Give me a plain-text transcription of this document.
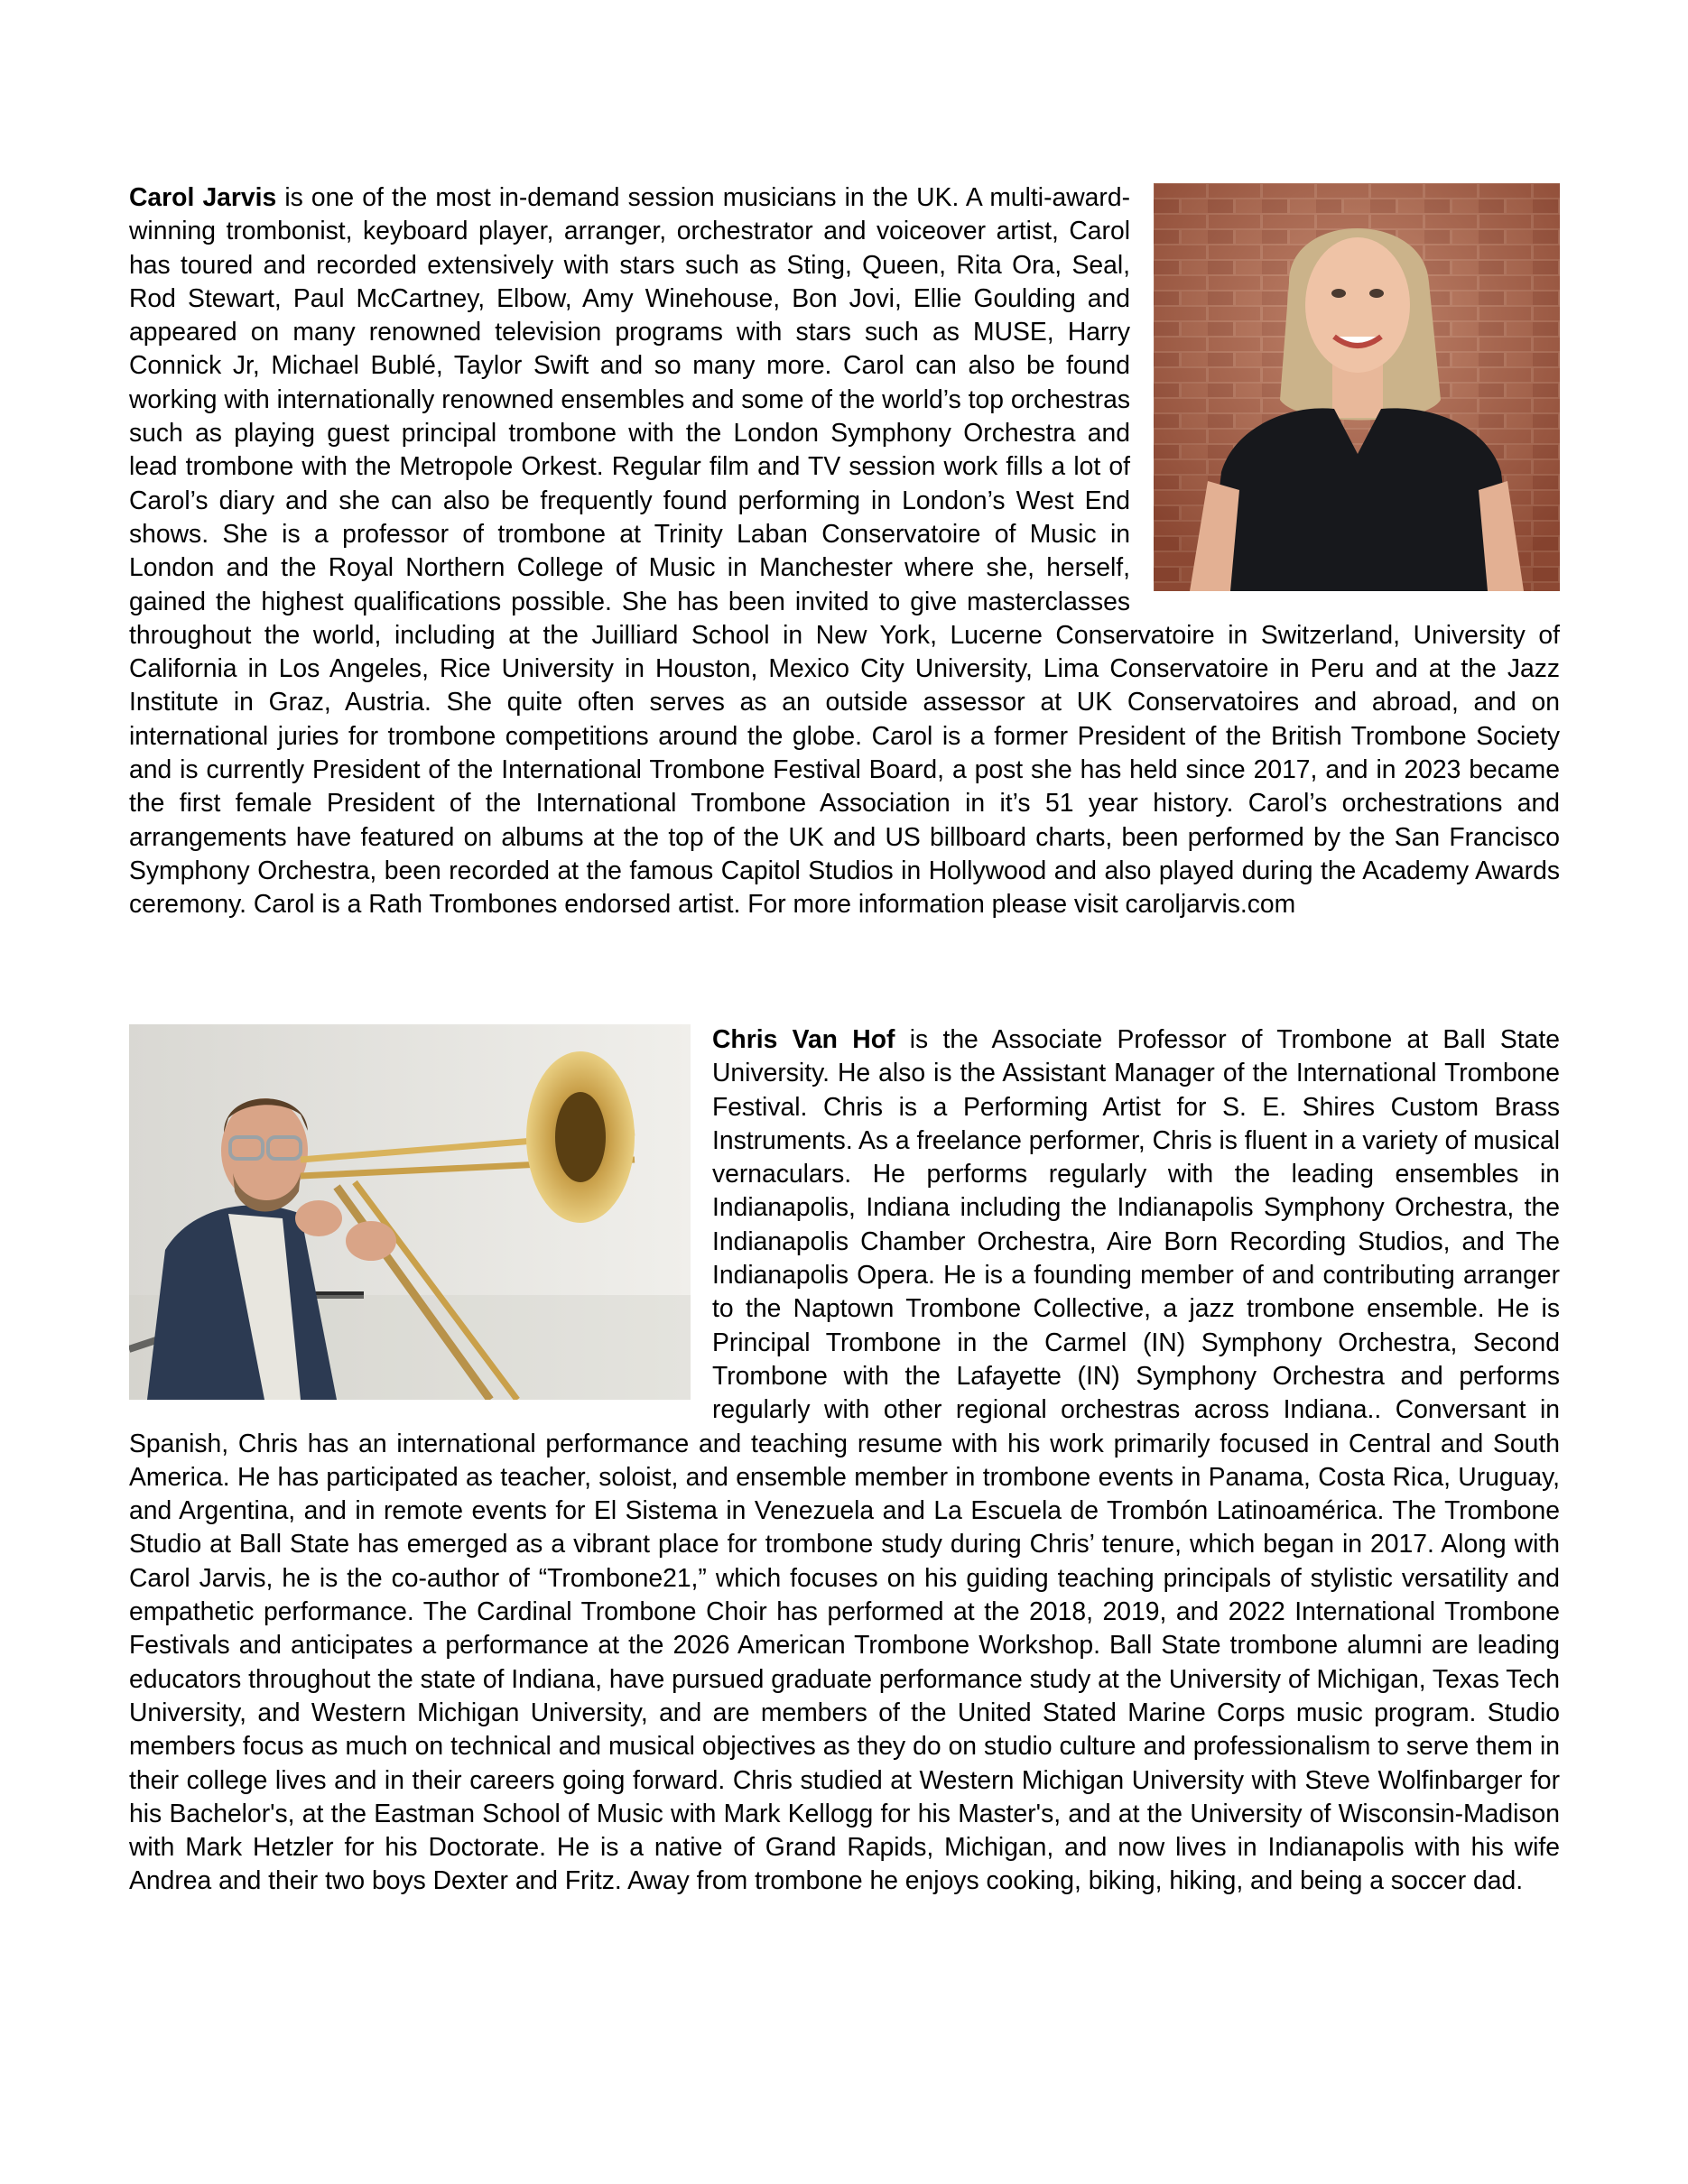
Carol Jarvis is one of the most in-demand session musicians in the UK. A multi-award-winning trombonist, keyboard player, arranger, orchestrator and voiceover artist, Carol has toured and recorded extensively with stars such as Sting, Queen, Rita Ora, Seal, Rod Stewart, Paul McCartney, Elbow, Amy Winehouse, Bon Jovi, Ellie Goulding and appeared on many renowned television programs with stars such as MUSE, Harry Connick Jr, Michael Bublé, Taylor Swift and so many more. Carol can also be found working with internationally renowned ensembles and some of the world’s top orchestras such as playing guest principal trombone with the London Symphony Orchestra and lead trombone with the Metropole Orkest. Regular film and TV session work fills a lot of Carol’s diary and she can also be frequently found performing in London’s West End shows. She is a professor of trombone at Trinity Laban Conservatoire of Music in London and the Royal Northern College of Music in Manchester where she, herself, gained the highest qualifications possible. She has been invited to give masterclasses throughout the world, including at the Juilliard School in New York, Lucerne Conservatoire in Switzerland, University of California in Los Angeles, Rice University in Houston, Mexico City University, Lima Conservatoire in Peru and at the Jazz Institute in Graz, Austria. She quite often serves as an outside assessor at UK Conservatoires and abroad, and on international juries for trombone competitions around the globe. Carol is a former President of the British Trombone Society and is currently President of the International Trombone Festival Board, a post she has held since 2017, and in 2023 became the first female President of the International Trombone Association in it’s 51 year history. Carol’s orchestrations and arrangements have featured on albums at the top of the UK and US billboard charts, been performed by the San Francisco Symphony Orchestra, been recorded at the famous Capitol Studios in Hollywood and also played during the Academy Awards ceremony. Carol is a Rath Trombones endorsed artist. For more information please visit caroljarvis.com

Chris Van Hof is the Associate Professor of Trombone at Ball State University. He also is the Assistant Manager of the International Trombone Festival. Chris is a Performing Artist for S. E. Shires Custom Brass Instruments. As a freelance performer, Chris is fluent in a variety of musical vernaculars. He performs regularly with the leading ensembles in Indianapolis, Indiana including the Indianapolis Symphony Orchestra, the Indianapolis Chamber Orchestra, Aire Born Recording Studios, and The Indianapolis Opera. He is a founding member of and contributing arranger to the Naptown Trombone Collective, a jazz trombone ensemble. He is Principal Trombone in the Carmel (IN) Symphony Orchestra, Second Trombone with the Lafayette (IN) Symphony Orchestra and performs regularly with other regional orchestras across Indiana.. Conversant in Spanish, Chris has an international performance and teaching resume with his work primarily focused in Central and South America. He has participated as teacher, soloist, and ensemble member in trombone events in Panama, Costa Rica, Uruguay, and Argentina, and in remote events for El Sistema in Venezuela and La Escuela de Trombón Latinoamérica. The Trombone Studio at Ball State has emerged as a vibrant place for trombone study during Chris’ tenure, which began in 2017. Along with Carol Jarvis, he is the co-author of “Trombone21,” which focuses on his guiding teaching principals of stylistic versatility and empathetic performance. The Cardinal Trombone Choir has performed at the 2018, 2019, and 2022 International Trombone Festivals and anticipates a performance at the 2026 American Trombone Workshop. Ball State trombone alumni are leading educators throughout the state of Indiana, have pursued graduate performance study at the University of Michigan, Texas Tech University, and Western Michigan University, and are members of the United Stated Marine Corps music program. Studio members focus as much on technical and musical objectives as they do on studio culture and professionalism to serve them in their college lives and in their careers going forward. Chris studied at Western Michigan University with Steve Wolfinbarger for his Bachelor's, at the Eastman School of Music with Mark Kellogg for his Master's, and at the University of Wisconsin-Madison with Mark Hetzler for his Doctorate. He is a native of Grand Rapids, Michigan, and now lives in Indianapolis with his wife Andrea and their two boys Dexter and Fritz. Away from trombone he enjoys cooking, biking, hiking, and being a soccer dad.
